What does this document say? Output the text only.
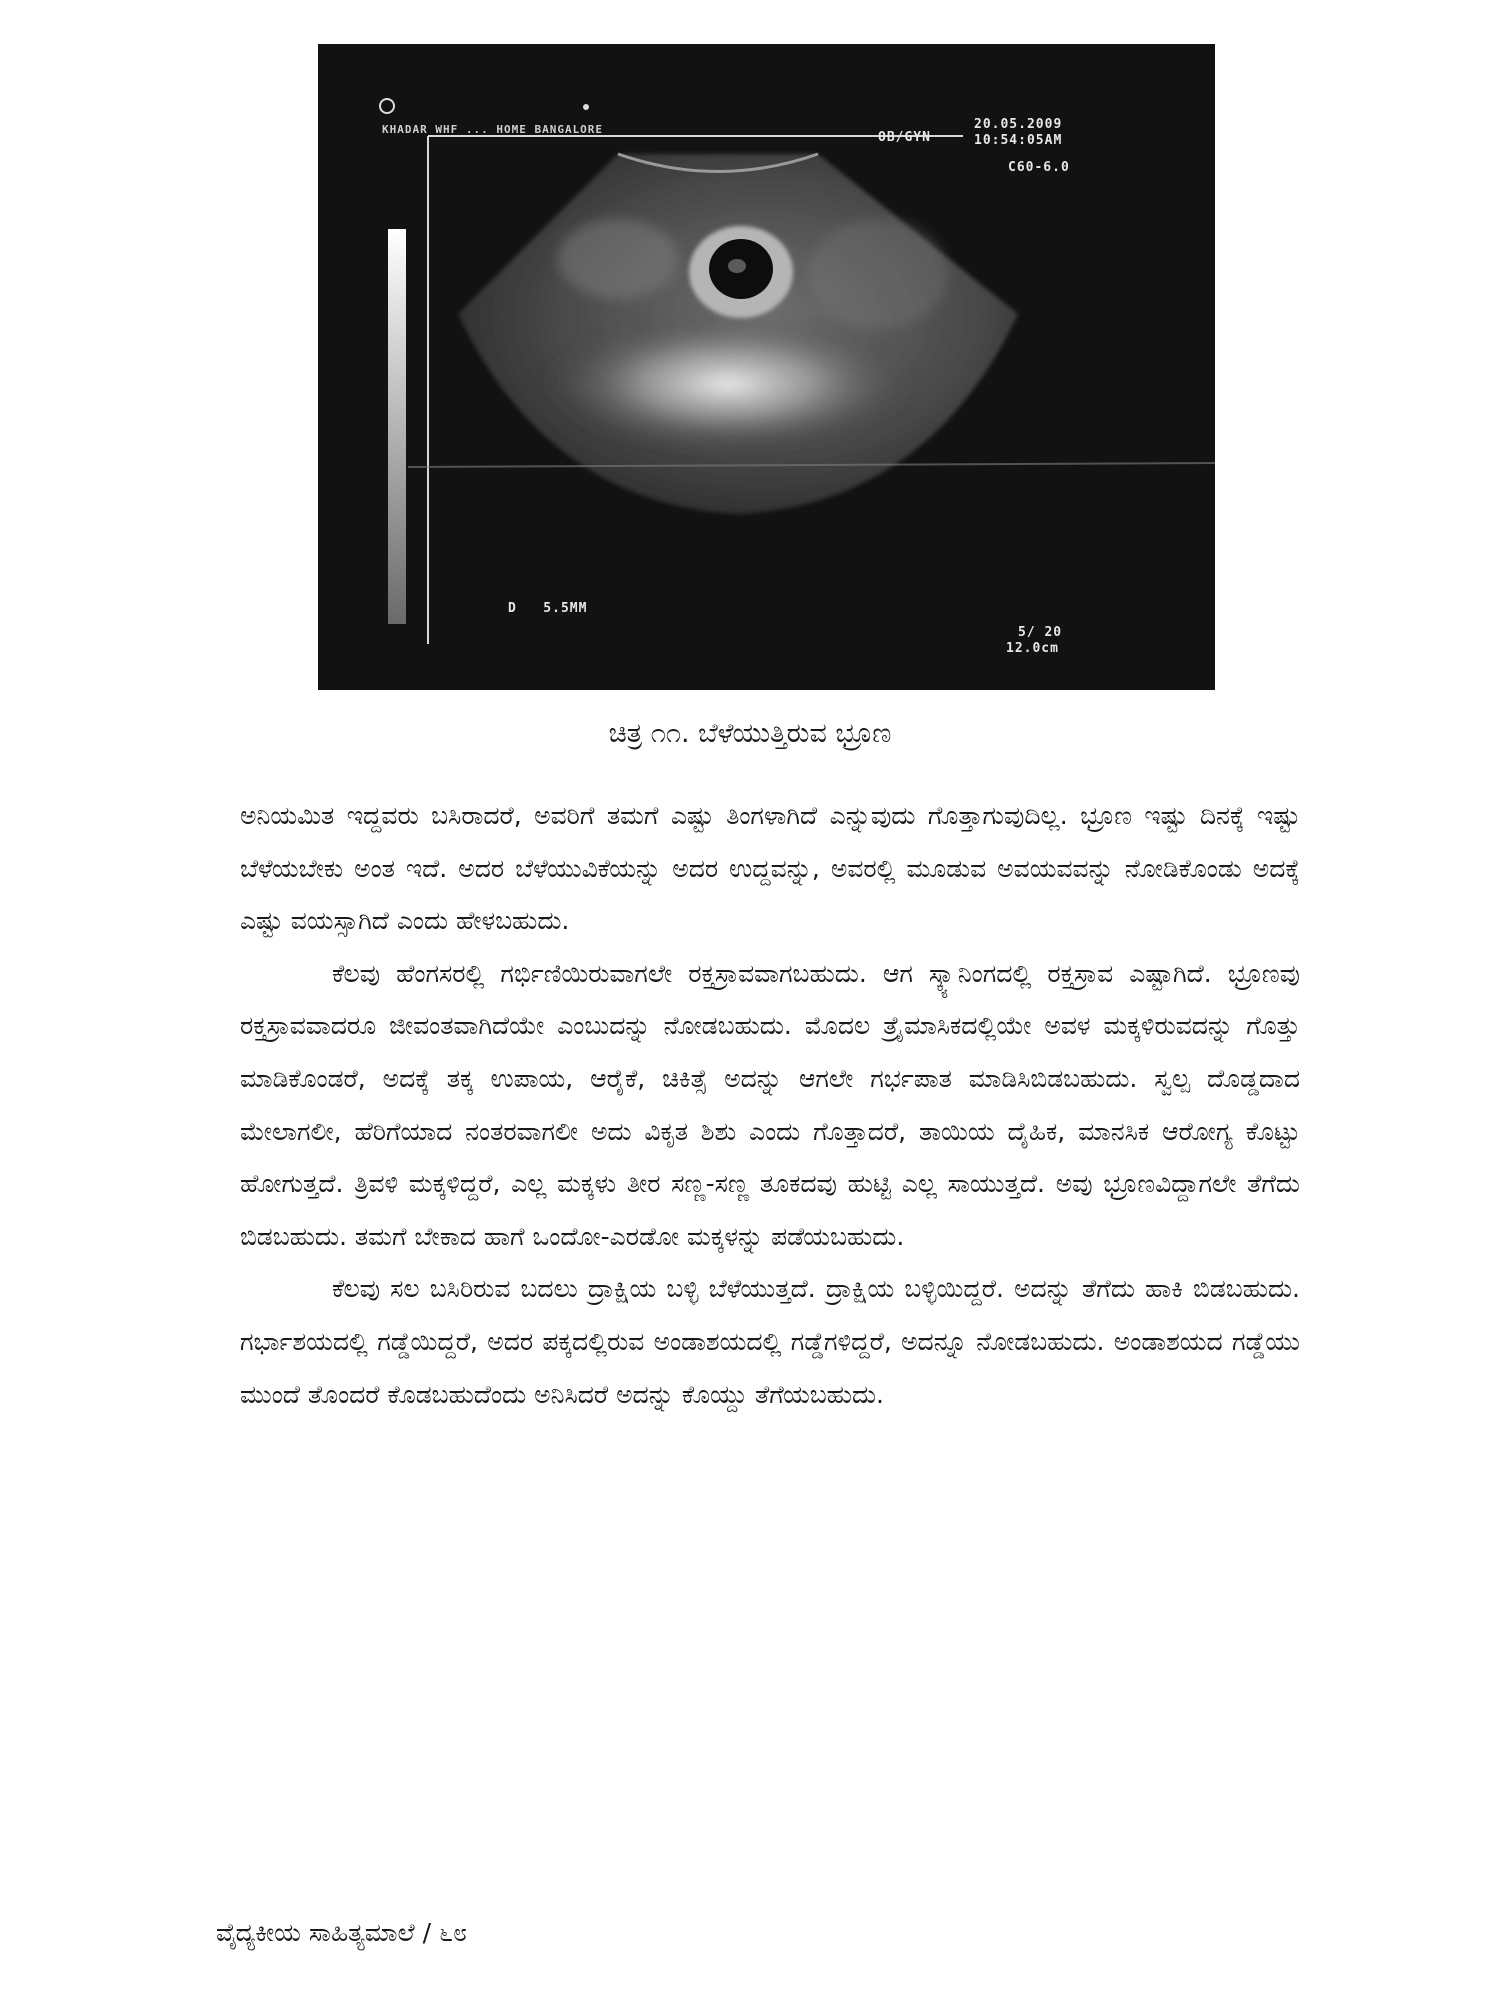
KHADAR WHF ... HOME BANGALORE
OB/GYN
20.05.2009
10:54:05AM
C60-6.0
D   5.5MM
5/ 20
12.0cm
ಚಿತ್ರ ೧೧. ಬೆಳೆಯುತ್ತಿರುವ ಭ್ರೂಣ

ಅನಿಯಮಿತ ಇದ್ದವರು ಬಸಿರಾದರೆ, ಅವರಿಗೆ ತಮಗೆ ಎಷ್ಟು ತಿಂಗಳಾಗಿದೆ ಎನ್ನುವುದು ಗೊತ್ತಾಗುವುದಿಲ್ಲ. ಭ್ರೂಣ ಇಷ್ಟು ದಿನಕ್ಕೆ ಇಷ್ಟು ಬೆಳೆಯಬೇಕು ಅಂತ ಇದೆ. ಅದರ ಬೆಳೆಯುವಿಕೆಯನ್ನು ಅದರ ಉದ್ದವನ್ನು, ಅವರಲ್ಲಿ ಮೂಡುವ ಅವಯವವನ್ನು ನೋಡಿಕೊಂಡು ಅದಕ್ಕೆ ಎಷ್ಟು ವಯಸ್ಸಾಗಿದೆ ಎಂದು ಹೇಳಬಹುದು.

ಕೆಲವು ಹೆಂಗಸರಲ್ಲಿ ಗರ್ಭಿಣಿಯಿರುವಾಗಲೇ ರಕ್ತಸ್ರಾವವಾಗಬಹುದು. ಆಗ ಸ್ಕ್ಯಾನಿಂಗದಲ್ಲಿ ರಕ್ತಸ್ರಾವ ಎಷ್ಟಾಗಿದೆ. ಭ್ರೂಣವು ರಕ್ತಸ್ರಾವವಾದರೂ ಜೀವಂತವಾಗಿದೆಯೇ ಎಂಬುದನ್ನು ನೋಡಬಹುದು. ಮೊದಲ ತ್ರೈಮಾಸಿಕದಲ್ಲಿಯೇ ಅವಳ ಮಕ್ಕಳಿರುವದನ್ನು ಗೊತ್ತು ಮಾಡಿಕೊಂಡರೆ, ಅದಕ್ಕೆ ತಕ್ಕ ಉಪಾಯ, ಆರೈಕೆ, ಚಿಕಿತ್ಸೆ ಅದನ್ನು ಆಗಲೇ ಗರ್ಭಪಾತ ಮಾಡಿಸಿಬಿಡಬಹುದು. ಸ್ವಲ್ಪ ದೊಡ್ಡದಾದ ಮೇಲಾಗಲೀ, ಹೆರಿಗೆಯಾದ ನಂತರವಾಗಲೀ ಅದು ವಿಕೃತ ಶಿಶು ಎಂದು ಗೊತ್ತಾದರೆ, ತಾಯಿಯ ದೈಹಿಕ, ಮಾನಸಿಕ ಆರೋಗ್ಯ ಕೊಟ್ಟು ಹೋಗುತ್ತದೆ. ತ್ರಿವಳಿ ಮಕ್ಕಳಿದ್ದರೆ, ಎಲ್ಲ ಮಕ್ಕಳು ತೀರ ಸಣ್ಣ-ಸಣ್ಣ ತೂಕದವು ಹುಟ್ಟಿ ಎಲ್ಲ ಸಾಯುತ್ತದೆ. ಅವು ಭ್ರೂಣವಿದ್ದಾಗಲೇ ತೆಗೆದು ಬಿಡಬಹುದು. ತಮಗೆ ಬೇಕಾದ ಹಾಗೆ ಒಂದೋ-ಎರಡೋ ಮಕ್ಕಳನ್ನು ಪಡೆಯಬಹುದು.

ಕೆಲವು ಸಲ ಬಸಿರಿರುವ ಬದಲು ದ್ರಾಕ್ಷಿಯ ಬಳ್ಳಿ ಬೆಳೆಯುತ್ತದೆ. ದ್ರಾಕ್ಷಿಯ ಬಳ್ಳಿಯಿದ್ದರೆ. ಅದನ್ನು ತೆಗೆದು ಹಾಕಿ ಬಿಡಬಹುದು. ಗರ್ಭಾಶಯದಲ್ಲಿ ಗಡ್ಡೆಯಿದ್ದರೆ, ಅದರ ಪಕ್ಕದಲ್ಲಿರುವ ಅಂಡಾಶಯದಲ್ಲಿ ಗಡ್ಡೆಗಳಿದ್ದರೆ, ಅದನ್ನೂ ನೋಡಬಹುದು. ಅಂಡಾಶಯದ ಗಡ್ಡೆಯು ಮುಂದೆ ತೊಂದರೆ ಕೊಡಬಹುದೆಂದು ಅನಿಸಿದರೆ ಅದನ್ನು ಕೊಯ್ದು ತೆಗೆಯಬಹುದು.

ವೈದ್ಯಕೀಯ ಸಾಹಿತ್ಯಮಾಲೆ / ೬೮
